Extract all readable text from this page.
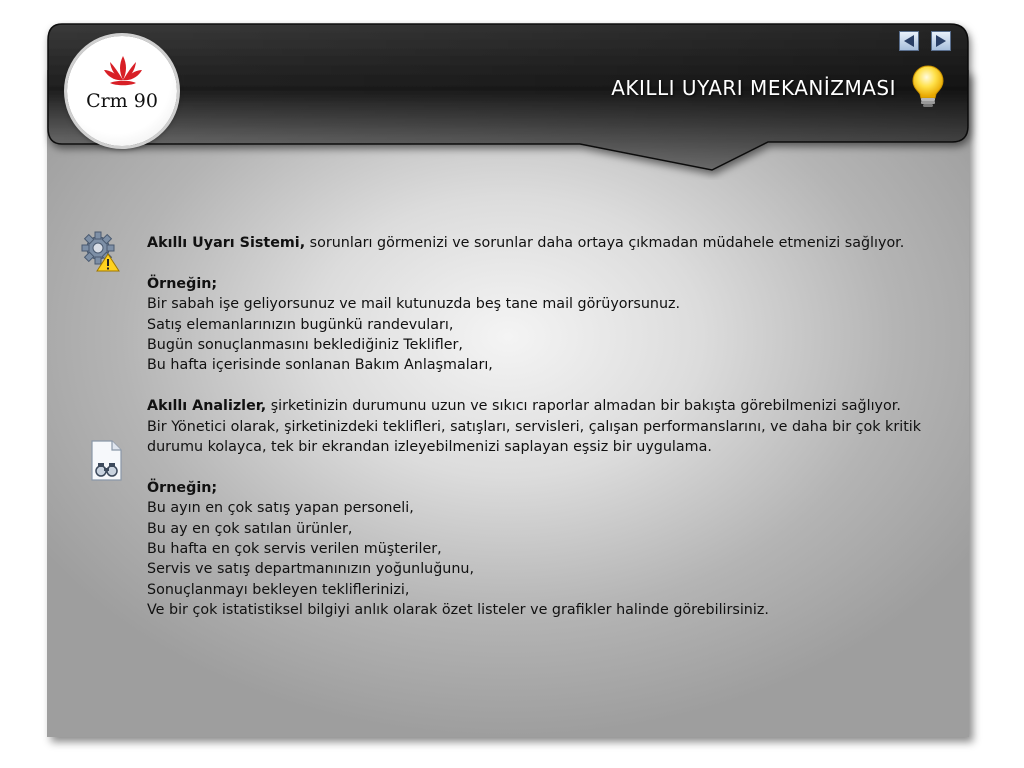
Crm 90
AKILLI UYARI MEKANİZMASI

Akıllı Uyarı Sistemi, sorunları görmenizi ve sorunlar daha ortaya çıkmadan müdahele etmenizi sağlıyor.

Örneğin;

Bir sabah işe geliyorsunuz ve mail kutunuzda beş tane mail görüyorsunuz.

Satış elemanlarınızın bugünkü randevuları,

Bugün sonuçlanmasını beklediğiniz Teklifler,

Bu hafta içerisinde sonlanan Bakım Anlaşmaları,

Akıllı Analizler, şirketinizin durumunu uzun ve sıkıcı raporlar almadan bir bakışta görebilmenizi sağlıyor.

Bir Yönetici olarak, şirketinizdeki teklifleri, satışları, servisleri, çalışan performanslarını, ve daha bir çok kritik durumu kolayca, tek bir ekrandan izleyebilmenizi saplayan eşsiz bir uygulama.

Örneğin;

Bu ayın en çok satış yapan personeli,

Bu ay en çok satılan ürünler,

Bu hafta en çok servis verilen müşteriler,

Servis ve satış departmanınızın yoğunluğunu,

Sonuçlanmayı bekleyen tekliflerinizi,

Ve bir çok istatistiksel bilgiyi anlık olarak özet listeler ve grafikler halinde görebilirsiniz.
